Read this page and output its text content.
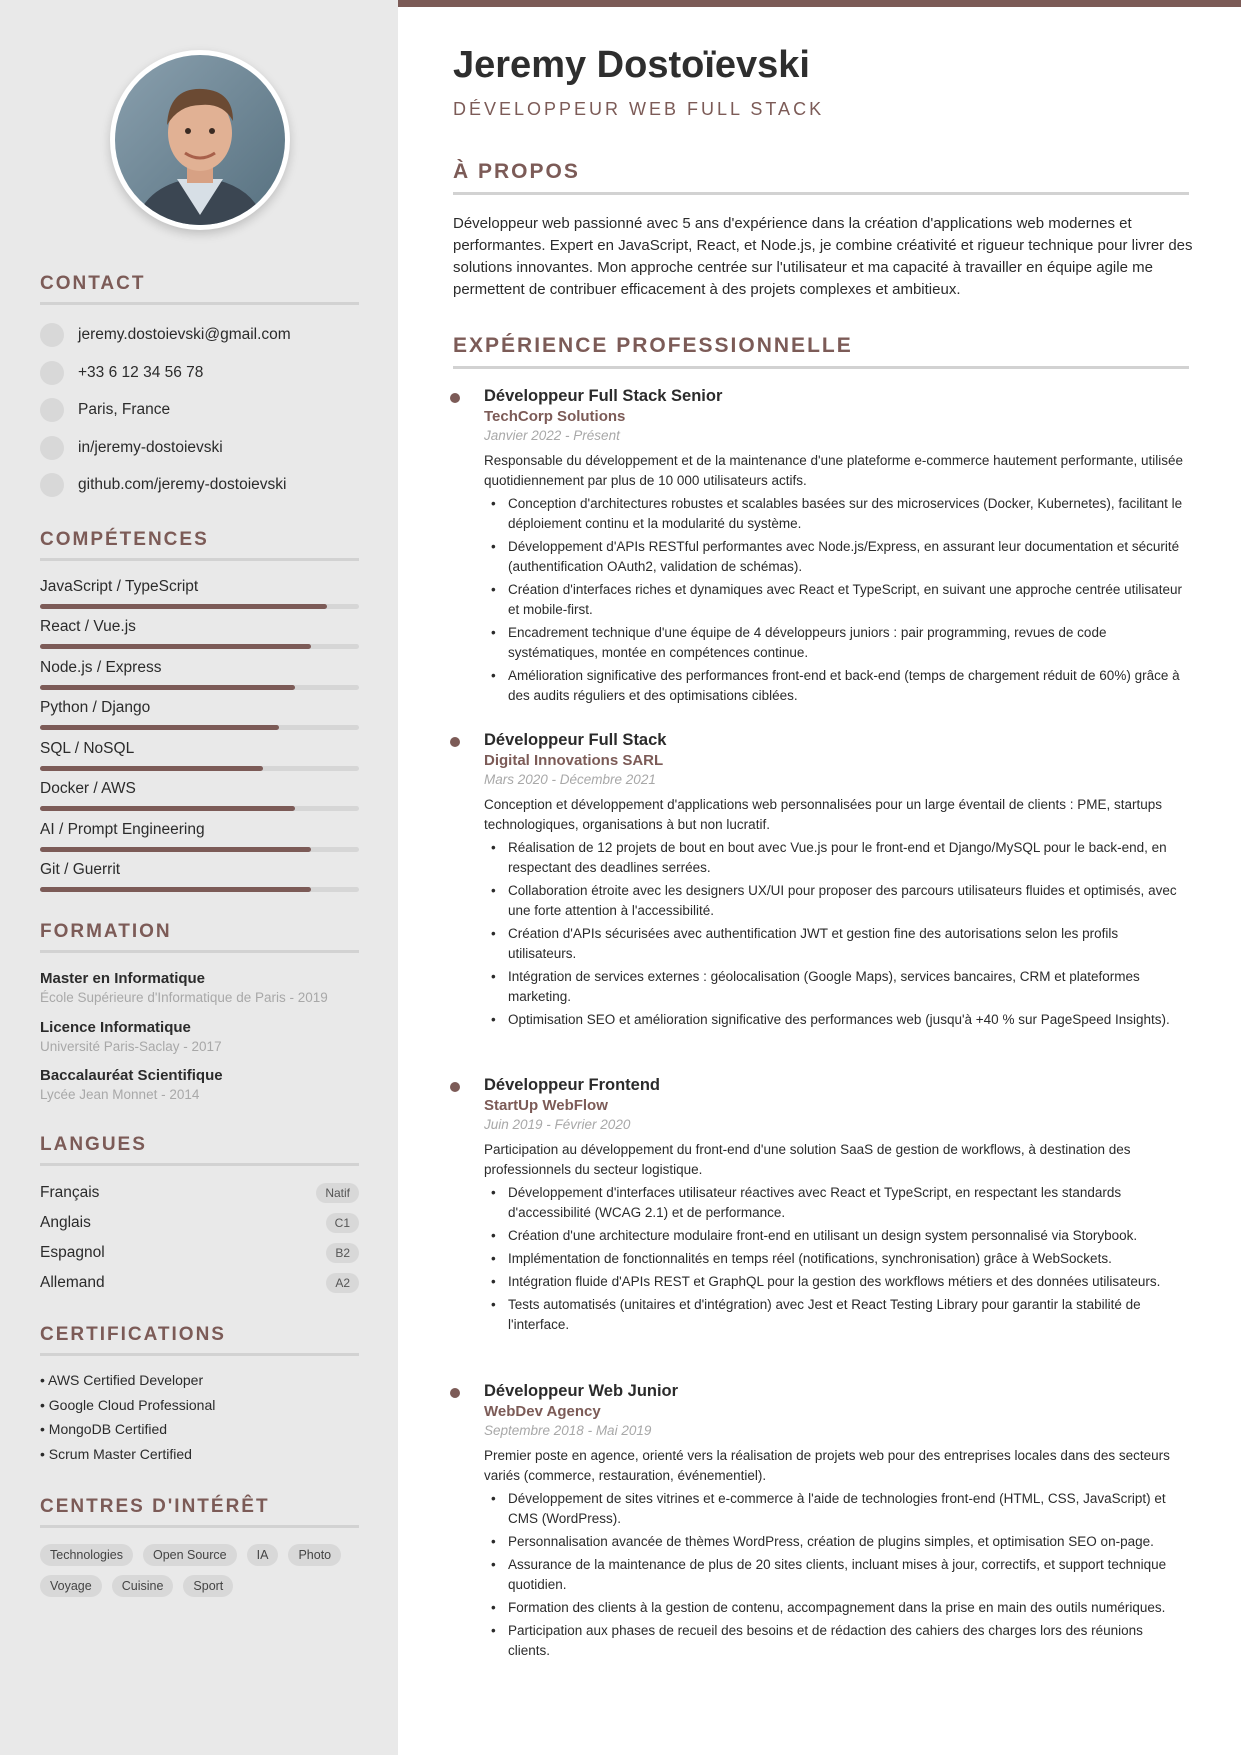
CONTACT
jeremy.dostoievski@gmail.com
+33 6 12 34 56 78
Paris, France
in/jeremy-dostoievski
github.com/jeremy-dostoievski
COMPÉTENCES
JavaScript / TypeScript
React / Vue.js
Node.js / Express
Python / Django
SQL / NoSQL
Docker / AWS
AI / Prompt Engineering
Git / Guerrit
FORMATION
Master en Informatique
École Supérieure d'Informatique de Paris - 2019
Licence Informatique
Université Paris-Saclay - 2017
Baccalauréat Scientifique
Lycée Jean Monnet - 2014
LANGUES
Français	Natif
Anglais	C1
Espagnol	B2
Allemand	A2
CERTIFICATIONS
• AWS Certified Developer
• Google Cloud Professional
• MongoDB Certified
• Scrum Master Certified
CENTRES D'INTÉRÊT
Technologies	Open Source	IA	Photo
Voyage	Cuisine	Sport
Jeremy Dostoïevski
DÉVELOPPEUR WEB FULL STACK
À PROPOS
Développeur web passionné avec 5 ans d'expérience dans la création d'applications web modernes et performantes. Expert en JavaScript, React, et Node.js, je combine créativité et rigueur technique pour livrer des solutions innovantes. Mon approche centrée sur l'utilisateur et ma capacité à travailler en équipe agile me permettent de contribuer efficacement à des projets complexes et ambitieux.
EXPÉRIENCE PROFESSIONNELLE
Développeur Full Stack Senior
TechCorp Solutions
Janvier 2022 - Présent
Responsable du développement et de la maintenance d'une plateforme e-commerce hautement performante, utilisée quotidiennement par plus de 10 000 utilisateurs actifs.
• Conception d'architectures robustes et scalables basées sur des microservices (Docker, Kubernetes), facilitant le déploiement continu et la modularité du système.
• Développement d'APIs RESTful performantes avec Node.js/Express, en assurant leur documentation et sécurité (authentification OAuth2, validation de schémas).
• Création d'interfaces riches et dynamiques avec React et TypeScript, en suivant une approche centrée utilisateur et mobile-first.
• Encadrement technique d'une équipe de 4 développeurs juniors : pair programming, revues de code systématiques, montée en compétences continue.
• Amélioration significative des performances front-end et back-end (temps de chargement réduit de 60%) grâce à des audits réguliers et des optimisations ciblées.
Développeur Full Stack
Digital Innovations SARL
Mars 2020 - Décembre 2021
Conception et développement d'applications web personnalisées pour un large éventail de clients : PME, startups technologiques, organisations à but non lucratif.
• Réalisation de 12 projets de bout en bout avec Vue.js pour le front-end et Django/MySQL pour le back-end, en respectant des deadlines serrées.
• Collaboration étroite avec les designers UX/UI pour proposer des parcours utilisateurs fluides et optimisés, avec une forte attention à l'accessibilité.
• Création d'APIs sécurisées avec authentification JWT et gestion fine des autorisations selon les profils utilisateurs.
• Intégration de services externes : géolocalisation (Google Maps), services bancaires, CRM et plateformes marketing.
• Optimisation SEO et amélioration significative des performances web (jusqu'à +40 % sur PageSpeed Insights).
Développeur Frontend
StartUp WebFlow
Juin 2019 - Février 2020
Participation au développement du front-end d'une solution SaaS de gestion de workflows, à destination des professionnels du secteur logistique.
• Développement d'interfaces utilisateur réactives avec React et TypeScript, en respectant les standards d'accessibilité (WCAG 2.1) et de performance.
• Création d'une architecture modulaire front-end en utilisant un design system personnalisé via Storybook.
• Implémentation de fonctionnalités en temps réel (notifications, synchronisation) grâce à WebSockets.
• Intégration fluide d'APIs REST et GraphQL pour la gestion des workflows métiers et des données utilisateurs.
• Tests automatisés (unitaires et d'intégration) avec Jest et React Testing Library pour garantir la stabilité de l'interface.
Développeur Web Junior
WebDev Agency
Septembre 2018 - Mai 2019
Premier poste en agence, orienté vers la réalisation de projets web pour des entreprises locales dans des secteurs variés (commerce, restauration, événementiel).
• Développement de sites vitrines et e-commerce à l'aide de technologies front-end (HTML, CSS, JavaScript) et CMS (WordPress).
• Personnalisation avancée de thèmes WordPress, création de plugins simples, et optimisation SEO on-page.
• Assurance de la maintenance de plus de 20 sites clients, incluant mises à jour, correctifs, et support technique quotidien.
• Formation des clients à la gestion de contenu, accompagnement dans la prise en main des outils numériques.
• Participation aux phases de recueil des besoins et de rédaction des cahiers des charges lors des réunions clients.
